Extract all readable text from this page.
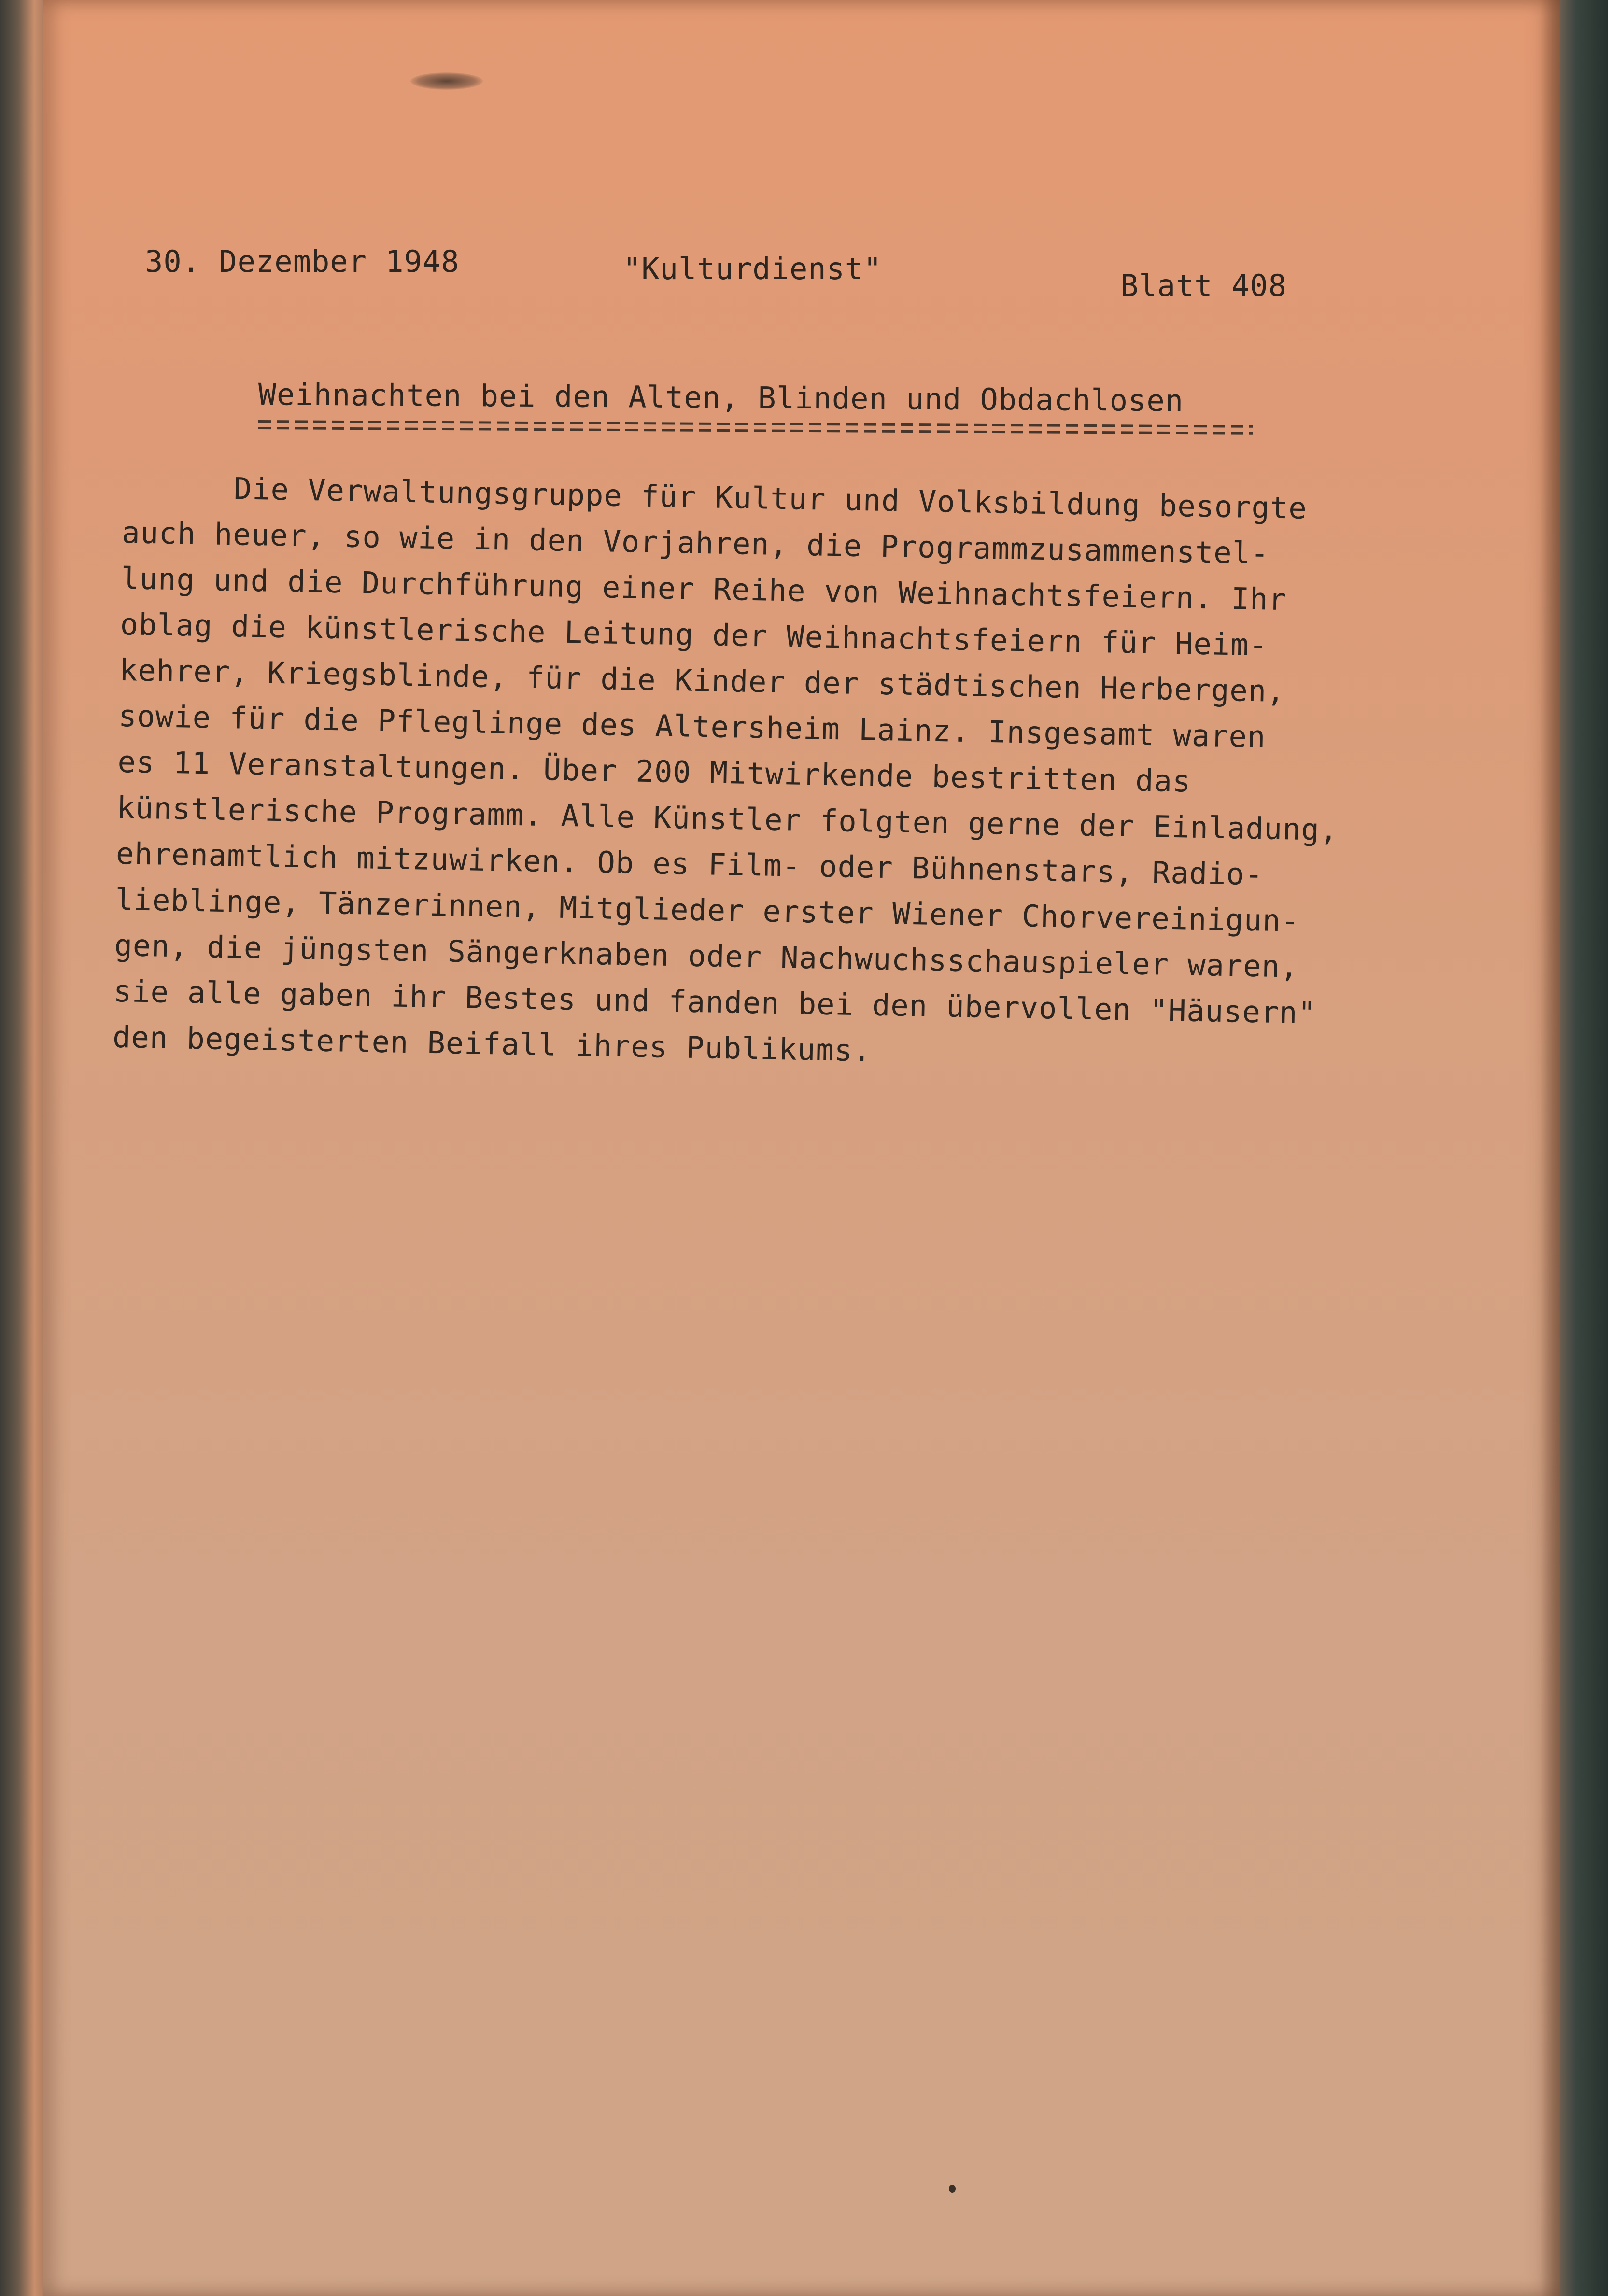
30. Dezember 1948	"Kulturdienst"	Blatt 408
Weihnachten bei den Alten, Blinden und Obdachlosen
Die Verwaltungsgruppe für Kultur und Volksbildung besorgte
auch heuer, so wie in den Vorjahren, die Programmzusammenstel-
lung und die Durchführung einer Reihe von Weihnachtsfeiern. Ihr
oblag die künstlerische Leitung der Weihnachtsfeiern für Heim-
kehrer, Kriegsblinde, für die Kinder der städtischen Herbergen,
sowie für die Pfleglinge des Altersheim Lainz. Insgesamt waren
es 11 Veranstaltungen. Über 200 Mitwirkende bestritten das
künstlerische Programm. Alle Künstler folgten gerne der Einladung,
ehrenamtlich mitzuwirken. Ob es Film- oder Bühnenstars, Radio-
lieblinge, Tänzerinnen, Mitglieder erster Wiener Chorvereinigun-
gen, die jüngsten Sängerknaben oder Nachwuchsschauspieler waren,
sie alle gaben ihr Bestes und fanden bei den übervollen "Häusern"
den begeisterten Beifall ihres Publikums.
